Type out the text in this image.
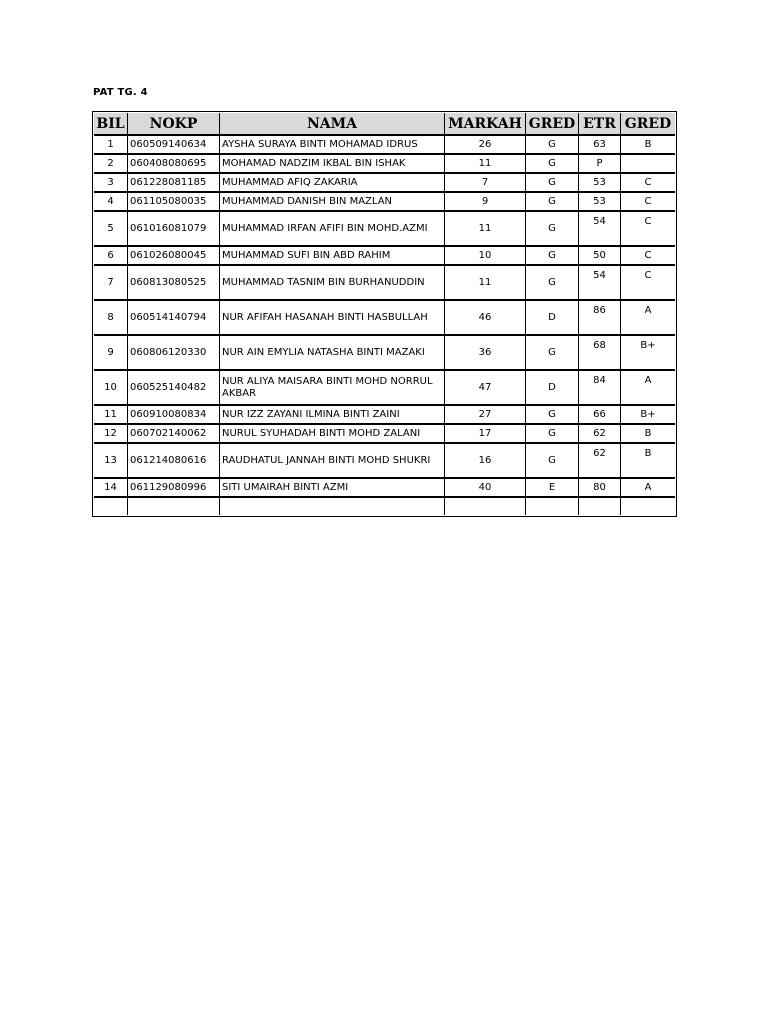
PAT TG. 4
BIL	NOKP	NAMA	MARKAH	GRED	ETR	GRED
1	060509140634	AYSHA SURAYA BINTI MOHAMAD IDRUS	26	G	63	B
2	060408080695	MOHAMAD NADZIM IKBAL BIN ISHAK	11	G	P	
3	061228081185	MUHAMMAD AFIQ ZAKARIA	7	G	53	C
4	061105080035	MUHAMMAD DANISH BIN MAZLAN	9	G	53	C
5	061016081079	MUHAMMAD IRFAN AFIFI BIN MOHD.AZMI	11	G	54	C
6	061026080045	MUHAMMAD SUFI BIN ABD RAHIM	10	G	50	C
7	060813080525	MUHAMMAD TASNIM BIN BURHANUDDIN	11	G	54	C
8	060514140794	NUR AFIFAH HASANAH BINTI HASBULLAH	46	D	86	A
9	060806120330	NUR AIN EMYLIA NATASHA BINTI MAZAKI	36	G	68	B+
10	060525140482	NUR ALIYA MAISARA BINTI MOHD NORRUL AKBAR	47	D	84	A
11	060910080834	NUR IZZ ZAYANI ILMINA BINTI ZAINI	27	G	66	B+
12	060702140062	NURUL SYUHADAH BINTI MOHD ZALANI	17	G	62	B
13	061214080616	RAUDHATUL JANNAH BINTI MOHD SHUKRI	16	G	62	B
14	061129080996	SITI UMAIRAH BINTI AZMI	40	E	80	A
